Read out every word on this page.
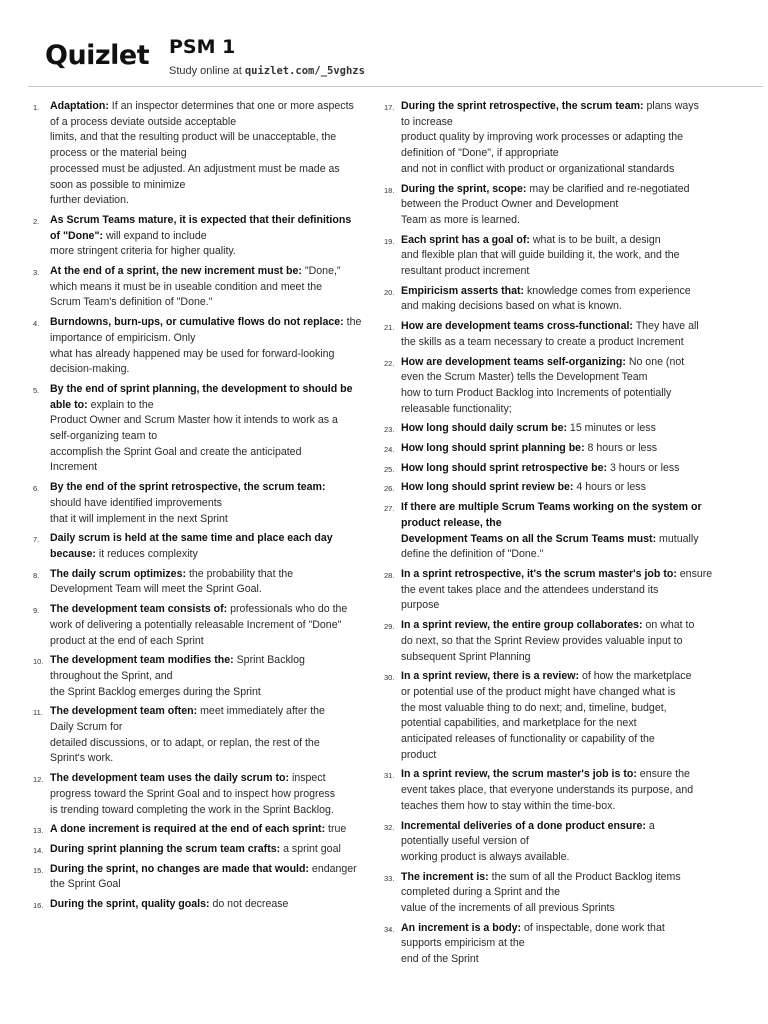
Quizlet PSM 1
Study online at quizlet.com/_5vghzs
1. Adaptation: If an inspector determines that one or more aspects
of a process deviate outside acceptable
limits, and that the resulting product will be unacceptable, the
process or the material being
processed must be adjusted. An adjustment must be made as
soon as possible to minimize
further deviation.
2. As Scrum Teams mature, it is expected that their definitions
of "Done": will expand to include
more stringent criteria for higher quality.
3. At the end of a sprint, the new increment must be: "Done,"
which means it must be in useable condition and meet the
Scrum Team's definition of "Done."
4. Burndowns, burn-ups, or cumulative flows do not replace: the
importance of empiricism. Only
what has already happened may be used for forward-looking
decision-making.
5. By the end of sprint planning, the development to should be
able to: explain to the
Product Owner and Scrum Master how it intends to work as a
self-organizing team to
accomplish the Sprint Goal and create the anticipated
Increment
6. By the end of the sprint retrospective, the scrum team:
should have identified improvements
that it will implement in the next Sprint
7. Daily scrum is held at the same time and place each day
because: it reduces complexity
8. The daily scrum optimizes: the probability that the
Development Team will meet the Sprint Goal.
9. The development team consists of: professionals who do the
work of delivering a potentially releasable Increment of "Done"
product at the end of each Sprint
10. The development team modifies the: Sprint Backlog
throughout the Sprint, and
the Sprint Backlog emerges during the Sprint
11. The development team often: meet immediately after the
Daily Scrum for
detailed discussions, or to adapt, or replan, the rest of the
Sprint's work.
12. The development team uses the daily scrum to: inspect
progress toward the Sprint Goal and to inspect how progress
is trending toward completing the work in the Sprint Backlog.
13. A done increment is required at the end of each sprint: true
14. During sprint planning the scrum team crafts: a sprint goal
15. During the sprint, no changes are made that would: endanger
the Sprint Goal
16. During the sprint, quality goals: do not decrease
17. During the sprint retrospective, the scrum team: plans ways
to increase
product quality by improving work processes or adapting the
definition of "Done", if appropriate
and not in conflict with product or organizational standards
18. During the sprint, scope: may be clarified and re-negotiated
between the Product Owner and Development
Team as more is learned.
19. Each sprint has a goal of: what is to be built, a design
and flexible plan that will guide building it, the work, and the
resultant product increment
20. Empiricism asserts that: knowledge comes from experience
and making decisions based on what is known.
21. How are development teams cross-functional: They have all
the skills as a team necessary to create a product Increment
22. How are development teams self-organizing: No one (not
even the Scrum Master) tells the Development Team
how to turn Product Backlog into Increments of potentially
releasable functionality;
23. How long should daily scrum be: 15 minutes or less
24. How long should sprint planning be: 8 hours or less
25. How long should sprint retrospective be: 3 hours or less
26. How long should sprint review be: 4 hours or less
27. If there are multiple Scrum Teams working on the system or
product release, the
Development Teams on all the Scrum Teams must: mutually
define the definition of "Done."
28. In a sprint retrospective, it's the scrum master's job to: ensure
the event takes place and the attendees understand its
purpose
29. In a sprint review, the entire group collaborates: on what to
do next, so that the Sprint Review provides valuable input to
subsequent Sprint Planning
30. In a sprint review, there is a review: of how the marketplace
or potential use of the product might have changed what is
the most valuable thing to do next; and, timeline, budget,
potential capabilities, and marketplace for the next
anticipated releases of functionality or capability of the
product
31. In a sprint review, the scrum master's job is to: ensure the
event takes place, that everyone understands its purpose, and
teaches them how to stay within the time-box.
32. Incremental deliveries of a done product ensure: a
potentially useful version of
working product is always available.
33. The increment is: the sum of all the Product Backlog items
completed during a Sprint and the
value of the increments of all previous Sprints
34. An increment is a body: of inspectable, done work that
supports empiricism at the
end of the Sprint
